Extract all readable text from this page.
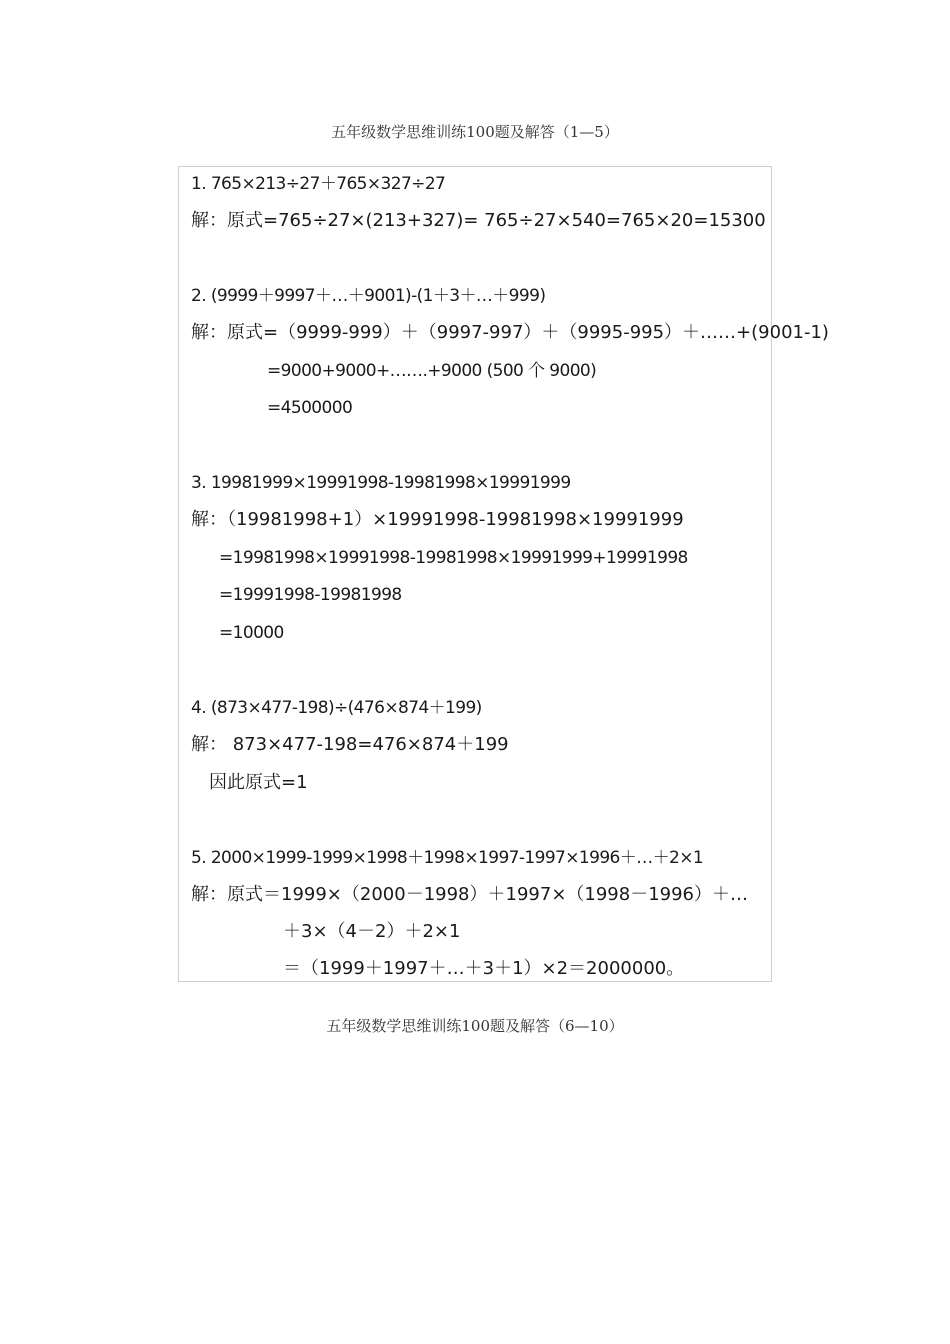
五年级数学思维训练100题及解答（1—5）
1. 765×213÷27＋765×327÷27
解：原式=765÷27×(213+327)= 765÷27×540=765×20=15300
2. (9999＋9997＋…＋9001)-(1＋3＋…＋999)
解：原式=（9999-999）＋（9997-997）＋（9995-995）＋……+(9001-1)
=9000+9000+…….+9000 (500 个 9000)
=4500000
3. 19981999×19991998-19981998×19991999
解：（19981998+1）×19991998-19981998×19991999
=19981998×19991998-19981998×19991999+19991998
=19991998-19981998
=10000
4. (873×477-198)÷(476×874＋199)
解： 873×477-198=476×874＋199
因此原式=1
5. 2000×1999-1999×1998＋1998×1997-1997×1996＋…＋2×1
解：原式＝1999×（2000－1998）＋1997×（1998－1996）＋…
＋3×（4－2）＋2×1
＝（1999＋1997＋…＋3＋1）×2＝2000000。
五年级数学思维训练100题及解答（6—10）
